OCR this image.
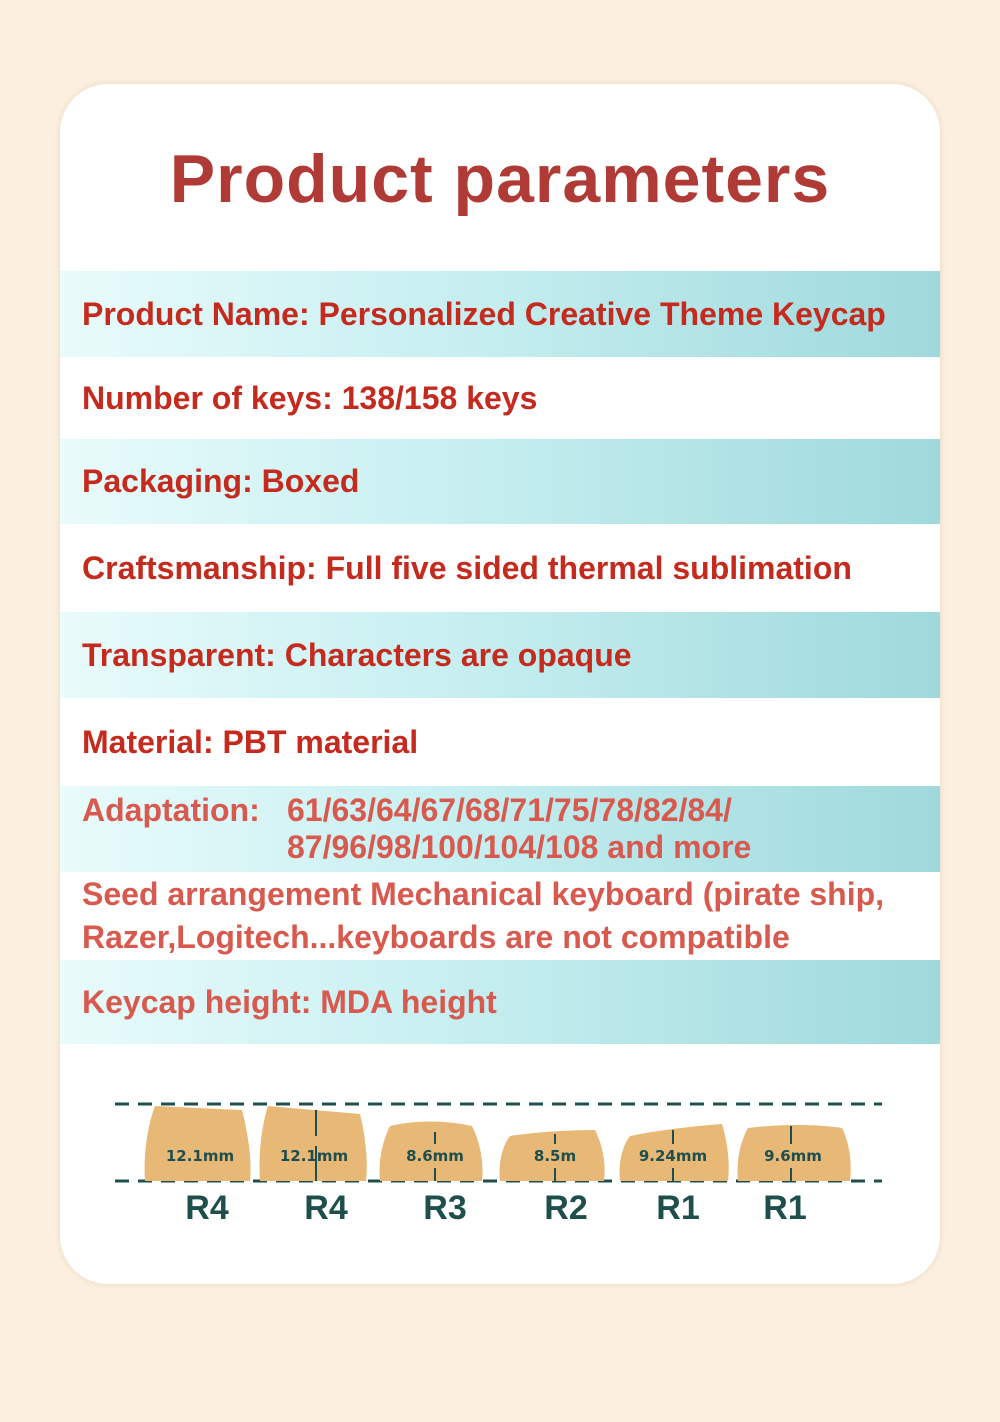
Product parameters
Product Name: Personalized Creative Theme Keycap
Number of keys: 138/158 keys
Packaging: Boxed
Craftsmanship: Full five sided thermal sublimation
Transparent: Characters are opaque
Material: PBT material
Adaptation: 61/63/64/67/68/71/75/78/82/84/
87/96/98/100/104/108 and more
Seed arrangement Mechanical keyboard (pirate ship,
Razer,Logitech...keyboards are not compatible
Keycap height: MDA height
12.1mm
R4
12.1mm
R4
8.6mm
R3
8.5m
R2
9.24mm
R1
9.6mm
R1
